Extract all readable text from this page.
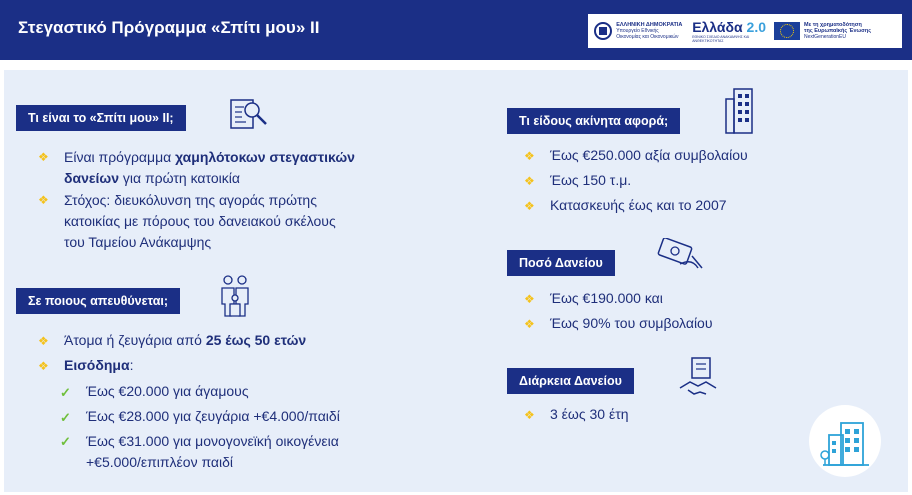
Στεγαστικό Πρόγραμμα «Σπίτι μου» ΙΙ	ΕΛΛΗΝΙΚΗ ΔΗΜΟΚΡΑΤΙΑ
Υπουργείο Εθνικής Οικονομίας και Οικονομικών
Ελλάδα 2.0
ΕΘΝΙΚΟ ΣΧΕΔΙΟ ΑΝΑΚΑΜΨΗΣ ΚΑΙ ΑΝΘΕΚΤΙΚΟΤΗΤΑΣ
Με τη χρηματοδότηση
της Ευρωπαϊκής Ένωσης
NextGenerationEU
Τι είναι το «Σπίτι μου» ΙΙ;
❖ Είναι πρόγραμμα χαμηλότοκων στεγαστικών
δανείων για πρώτη κατοικία
❖ Στόχος: διευκόλυνση της αγοράς πρώτης
κατοικίας με πόρους του δανειακού σκέλους
του Ταμείου Ανάκαμψης
Σε ποιους απευθύνεται;
❖ Άτομα ή ζευγάρια από 25 έως 50 ετών
❖ Εισόδημα:
✓ Έως €20.000 για άγαμους
✓ Έως €28.000 για ζευγάρια +€4.000/παιδί
✓ Έως €31.000 για μονογονεϊκή οικογένεια
+€5.000/επιπλέον παιδί
Τι είδους ακίνητα αφορά;
❖ Έως €250.000 αξία συμβολαίου
❖ Έως 150 τ.μ.
❖ Κατασκευής έως και το 2007
Ποσό Δανείου
❖ Έως €190.000 και
❖ Έως 90% του συμβολαίου
Διάρκεια Δανείου
❖ 3 έως 30 έτη
